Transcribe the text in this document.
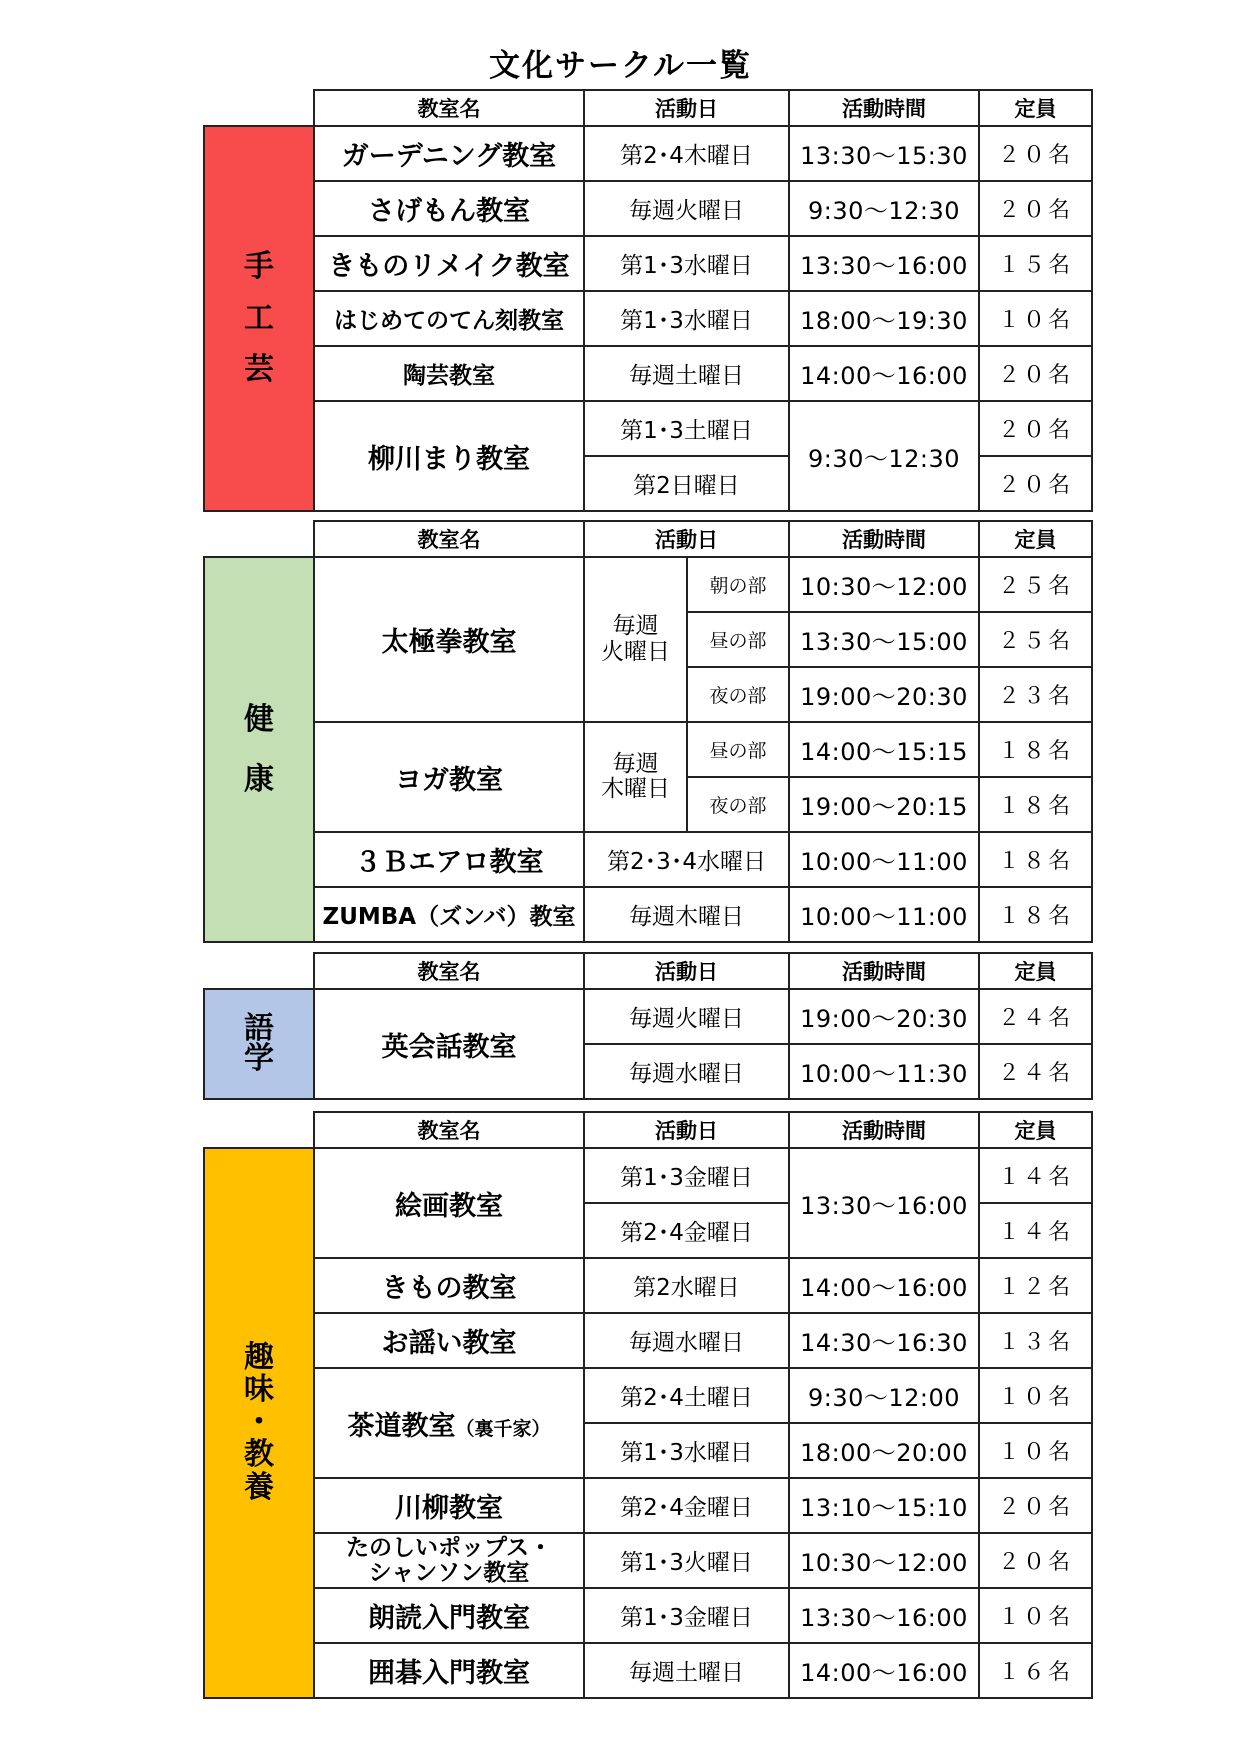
文化サークル一覧
	教室名	活動日	活動時間	定員

手
工
芸	ガーデニング教室	第2･4木曜日	13:30〜15:30	２０名
	さげもん教室	毎週火曜日	9:30〜12:30	２０名
	きものリメイク教室	第1･3水曜日	13:30〜16:00	１５名
	はじめてのてん刻教室	第1･3水曜日	18:00〜19:30	１０名
	陶芸教室	毎週土曜日	14:00〜16:00	２０名
	柳川まり教室	第1･3土曜日	9:30〜12:30	２０名
		第2日曜日		２０名
	教室名	活動日		活動時間	定員

健
康	太極拳教室	毎週
火曜日	朝の部	10:30〜12:00	２５名
			昼の部	13:30〜15:00	２５名
			夜の部	19:00〜20:30	２３名
	ヨガ教室	毎週
木曜日	昼の部	14:00〜15:15	１８名
			夜の部	19:00〜20:15	１８名
	３Ｂエアロ教室	第2･3･4水曜日		10:00〜11:00	１８名
	ZUMBA（ズンバ）教室	毎週木曜日		10:00〜11:00	１８名
	教室名	活動日	活動時間	定員

語
学	英会話教室	毎週火曜日	19:00〜20:30	２４名
		毎週水曜日	10:00〜11:30	２４名
	教室名	活動日	活動時間	定員

趣
味
・
教
養	絵画教室	第1･3金曜日	13:30〜16:00	１４名
		第2･4金曜日		１４名
	きもの教室	第2水曜日	14:00〜16:00	１２名
	お謡い教室	毎週水曜日	14:30〜16:30	１３名
	茶道教室（裏千家）	第2･4土曜日	9:30〜12:00	１０名
		第1･3水曜日	18:00〜20:00	１０名
	川柳教室	第2･4金曜日	13:10〜15:10	２０名
	たのしいポップス・
シャンソン教室	第1･3火曜日	10:30〜12:00	２０名
	朗読入門教室	第1･3金曜日	13:30〜16:00	１０名
	囲碁入門教室	毎週土曜日	14:00〜16:00	１６名
